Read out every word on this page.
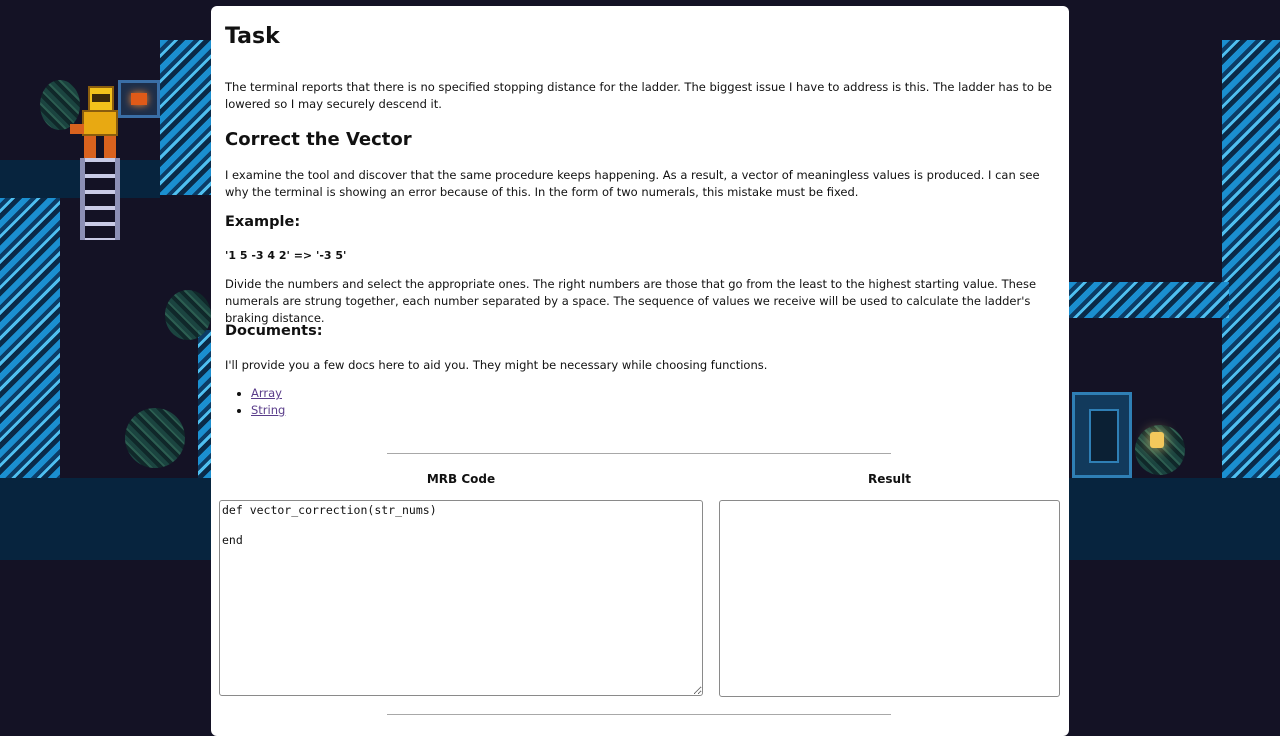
Task

The terminal reports that there is no specified stopping distance for the ladder. The biggest issue I have to address is this. The ladder has to be lowered so I may securely descend it.

Correct the Vector

I examine the tool and discover that the same procedure keeps happening. As a result, a vector of meaningless values is produced. I can see why the terminal is showing an error because of this. In the form of two numerals, this mistake must be fixed.

Example:
'1 5 -3 4 2' => '-3 5'

Divide the numbers and select the appropriate ones. The right numbers are those that go from the least to the highest starting value. These numerals are strung together, each number separated by a space. The sequence of values we receive will be used to calculate the ladder's braking distance.

Documents:

I'll provide you a few docs here to aid you. They might be necessary while choosing functions.

• Array
• String
MRB Code	Result
def vector_correction(str_nums) end
